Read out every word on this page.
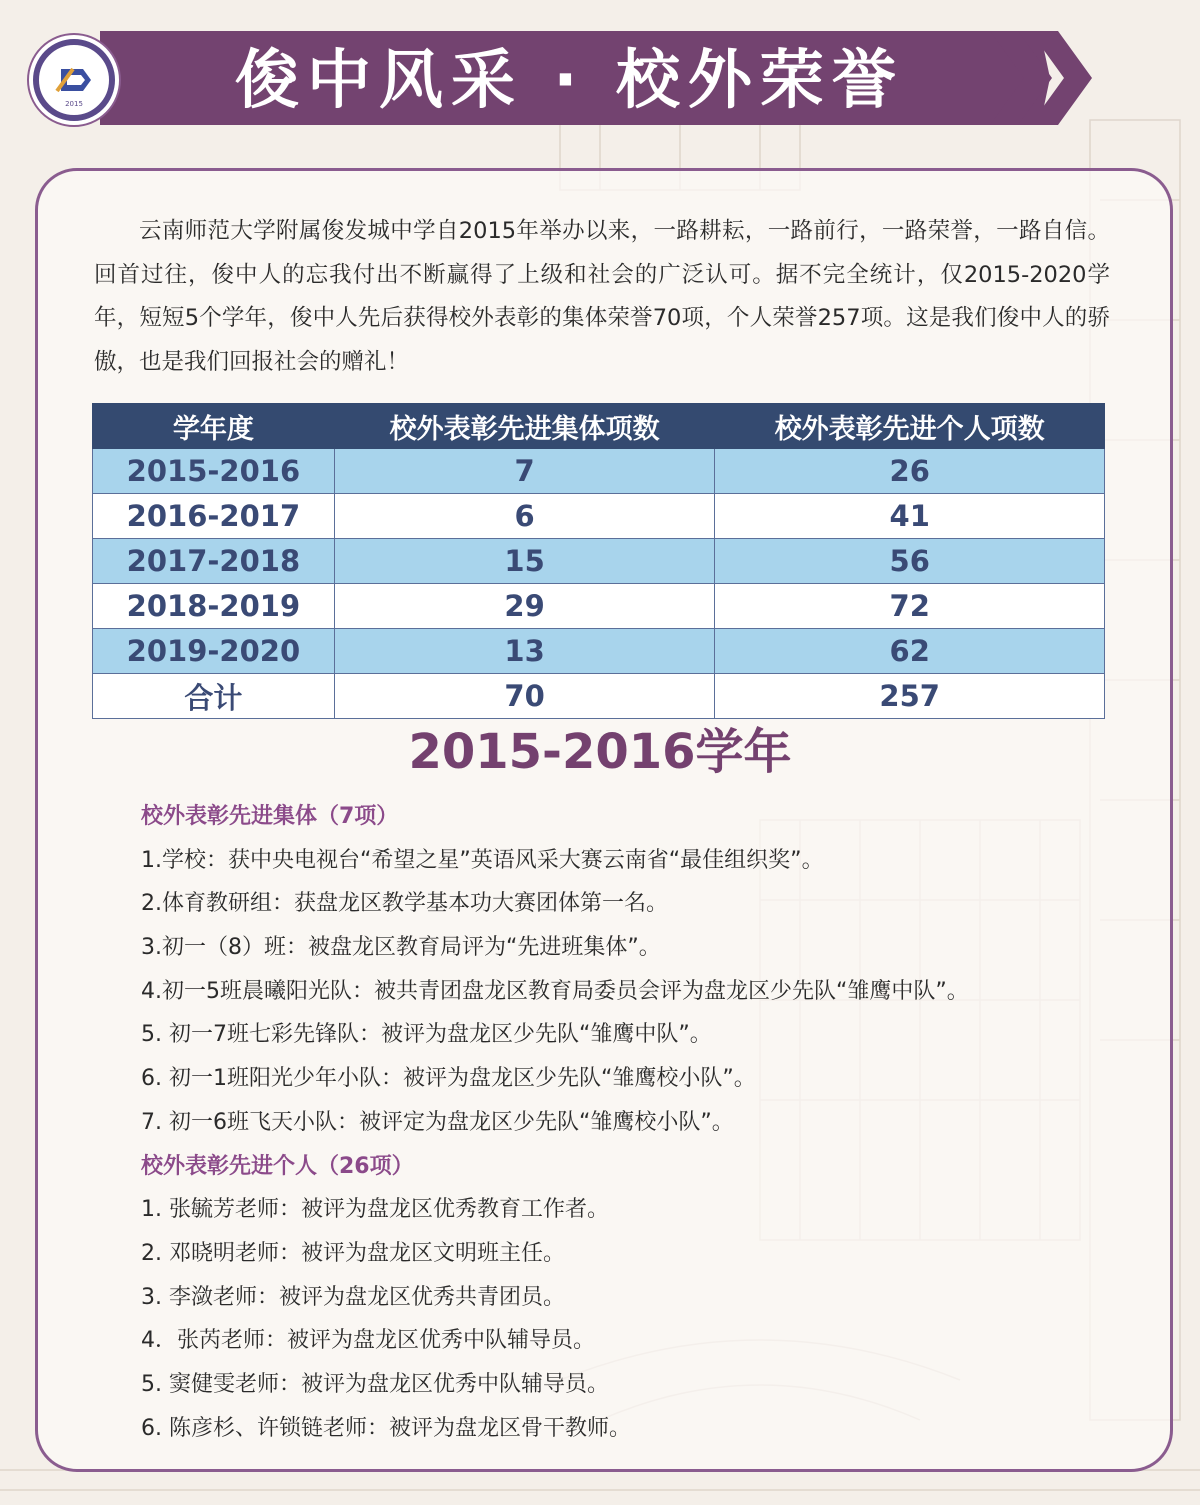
俊中风采 · 校外荣誉
2015
云南师范大学附属俊发城中学自2015年举办以来，一路耕耘，一路前行，一路荣誉，一路自信。回首过往，俊中人的忘我付出不断赢得了上级和社会的广泛认可。据不完全统计，仅2015-2020学年，短短5个学年，俊中人先后获得校外表彰的集体荣誉70项，个人荣誉257项。这是我们俊中人的骄傲，也是我们回报社会的赠礼！
学年度	校外表彰先进集体项数	校外表彰先进个人项数
2015-2016	7	26
2016-2017	6	41
2017-2018	15	56
2018-2019	29	72
2019-2020	13	62
合计	70	257
2015-2016学年
校外表彰先进集体（7项）
1.学校：获中央电视台“希望之星”英语风采大赛云南省“最佳组织奖”。
2.体育教研组：获盘龙区教学基本功大赛团体第一名。
3.初一（8）班：被盘龙区教育局评为“先进班集体”。
4.初一5班晨曦阳光队：被共青团盘龙区教育局委员会评为盘龙区少先队“雏鹰中队”。
5. 初一7班七彩先锋队：被评为盘龙区少先队“雏鹰中队”。
6. 初一1班阳光少年小队：被评为盘龙区少先队“雏鹰校小队”。
7. 初一6班飞天小队：被评定为盘龙区少先队“雏鹰校小队”。
校外表彰先进个人（26项）
1. 张毓芳老师：被评为盘龙区优秀教育工作者。
2. 邓晓明老师：被评为盘龙区文明班主任。
3. 李潋老师：被评为盘龙区优秀共青团员。
4．张芮老师：被评为盘龙区优秀中队辅导员。
5. 窦健雯老师：被评为盘龙区优秀中队辅导员。
6. 陈彦杉、许锁链老师：被评为盘龙区骨干教师。
